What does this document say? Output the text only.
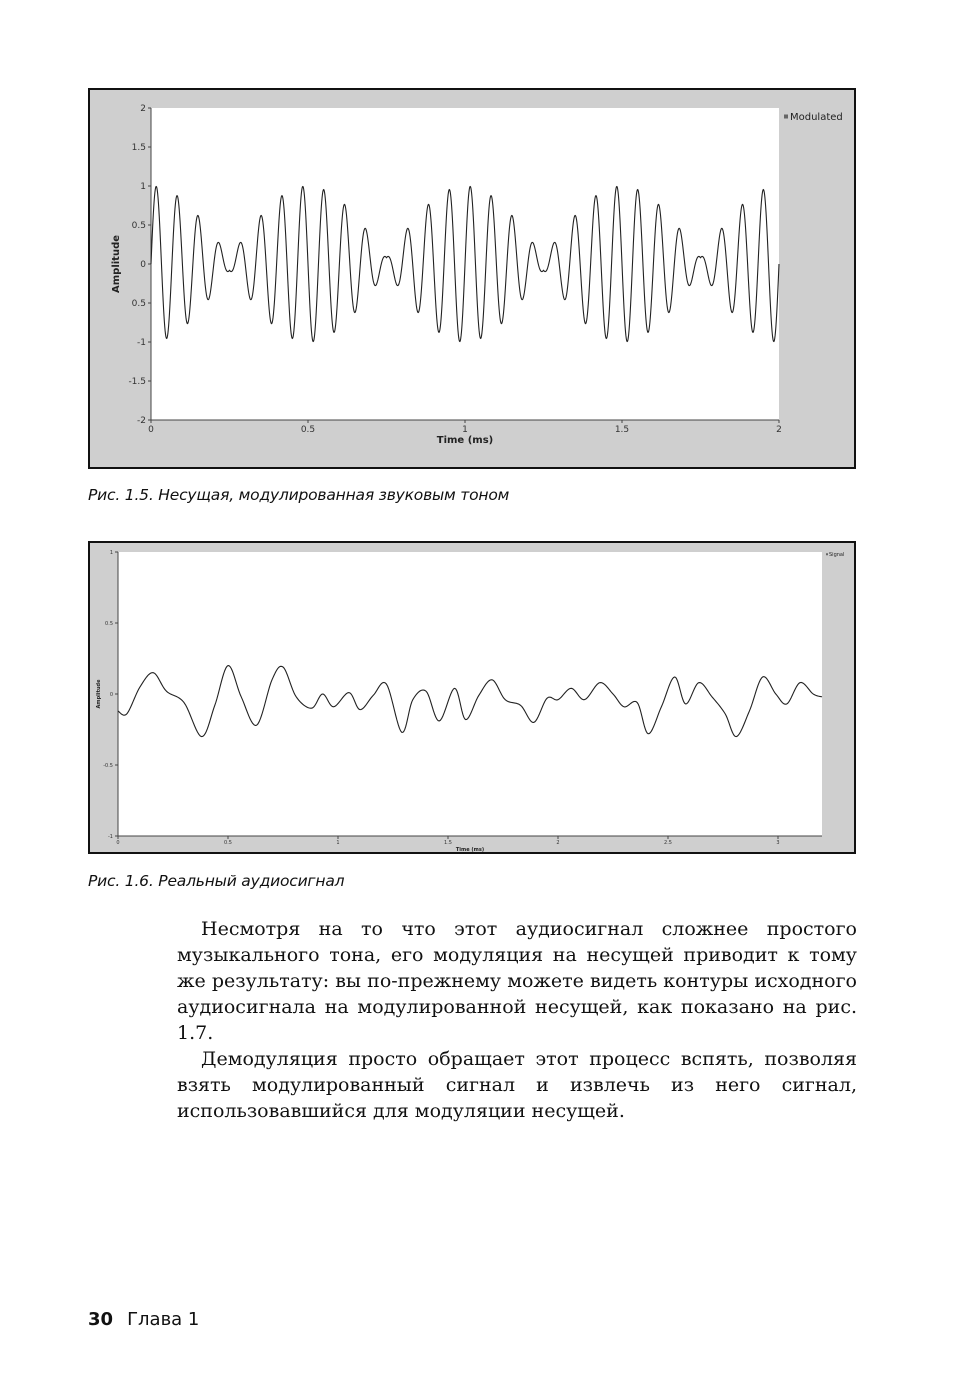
2
1.5
1
0.5
0
0.5
-1
-1.5
-2
0	0.5	1	1.5	2
Time (ms)
Amplitude
Modulated
Рис. 1.5. Несущая, модулированная звуковым тоном
1
0.5
0
-0.5
-1
0	0.5	1	1.5	2	2.5	3
Time (ms)
Amplitude
Signal
Рис. 1.6. Реальный аудиосигнал

Несмотря на то что этот аудиосигнал сложнее простого музыкального тона, его модуляция на несущей приводит к тому же результату: вы по-прежнему можете видеть контуры исходного аудиосигнала на модулированной несущей, как показано на рис. 1.7.

Демодуляция просто обращает этот процесс вспять, позволяя взять модулированный сигнал и извлечь из него сигнал, использовавшийся для модуляции несущей.

30 Глава 1
